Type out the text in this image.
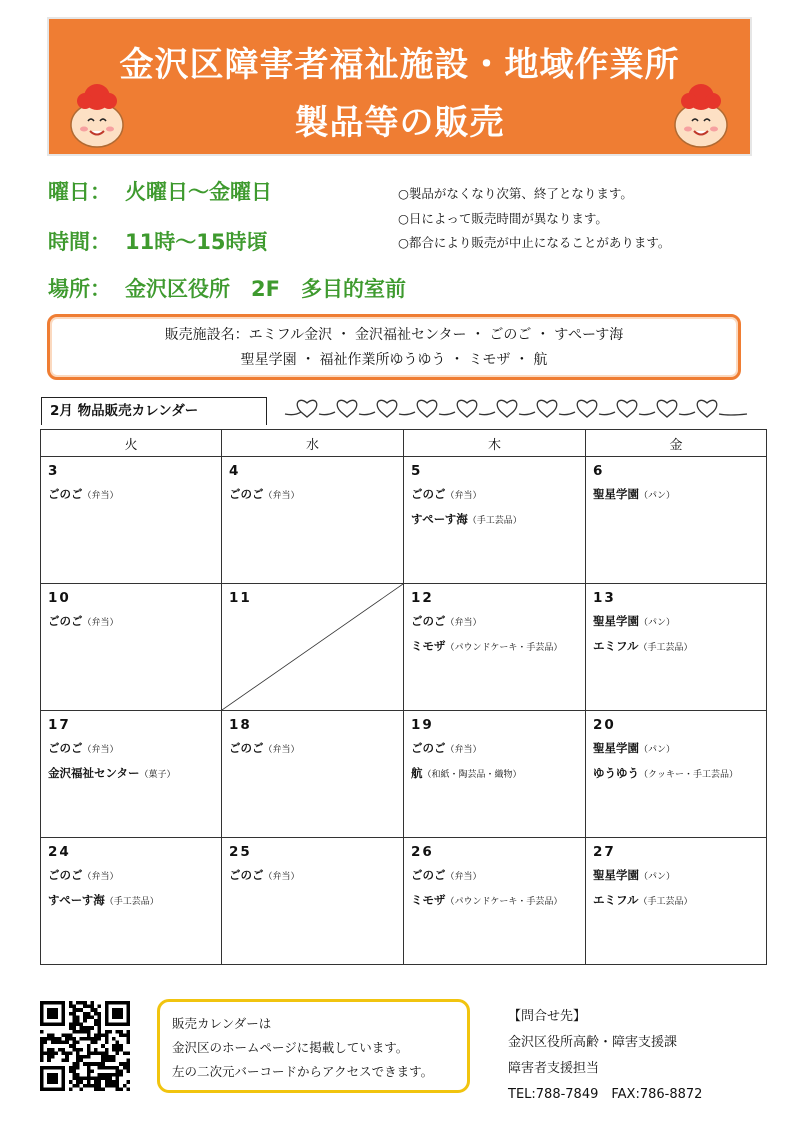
金沢区障害者福祉施設・地域作業所
製品等の販売
曜日： 火曜日～金曜日
時間： 11時～15時頃
場所： 金沢区役所　2F　多目的室前
○製品がなくなり次第、終了となります。
○日によって販売時間が異なります。
○都合により販売が中止になることがあります。
販売施設名：エミフル金沢 ・ 金沢福祉センター ・ ごのご ・ すぺーす海
聖星学園 ・ 福祉作業所ゆうゆう ・ ミモザ ・ 航
2月 物品販売カレンダー
火	水	木	金

3
ごのご（弁当）	4
ごのご（弁当）	5
ごのご（弁当）
すぺーす海（手工芸品）	6
聖星学園（パン）

10
ごのご（弁当）	11	12
ごのご（弁当）
ミモザ（パウンドケーキ・手芸品）	13
聖星学園（パン）
エミフル（手工芸品）

17
ごのご（弁当）
金沢福祉センター（菓子）	18
ごのご（弁当）	19
ごのご（弁当）
航（和紙・陶芸品・織物）	20
聖星学園（パン）
ゆうゆう（クッキー・手工芸品）

24
ごのご（弁当）
すぺーす海（手工芸品）	25
ごのご（弁当）	26
ごのご（弁当）
ミモザ（パウンドケーキ・手芸品）	27
聖星学園（パン）
エミフル（手工芸品）
販売カレンダーは
金沢区のホームページに掲載しています。
左の二次元バーコードからアクセスできます。
【問合せ先】
金沢区役所高齢・障害支援課
障害者支援担当
TEL:788-7849　FAX:786-8872
